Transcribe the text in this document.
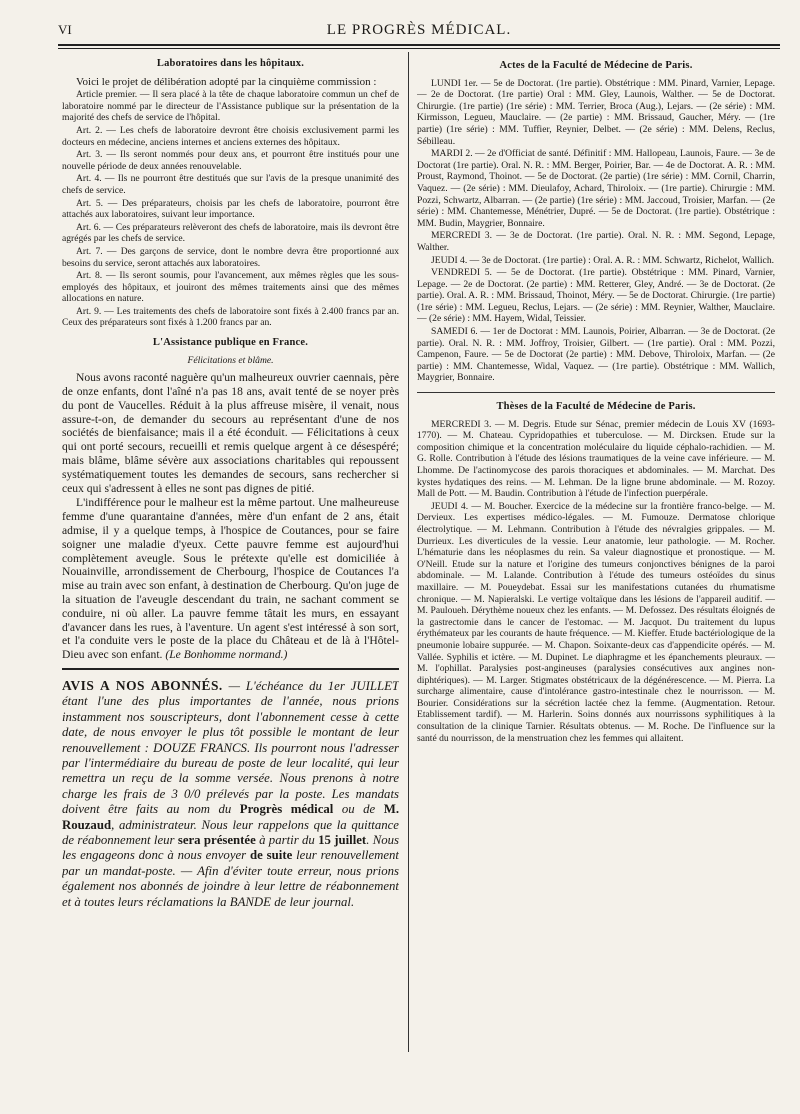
VI	LE PROGRÈS MÉDICAL.
Laboratoires dans les hôpitaux.

Voici le projet de délibération adopté par la cinquième commission :

Article premier. — Il sera placé à la tête de chaque laboratoire commun un chef de laboratoire nommé par le directeur de l'Assistance publique sur la présentation de la majorité des chefs de service de l'hôpital.

Art. 2. — Les chefs de laboratoire devront être choisis exclusivement parmi les docteurs en médecine, anciens internes et anciens externes des hôpitaux.

Art. 3. — Ils seront nommés pour deux ans, et pourront être institués pour une nouvelle période de deux années renouvelable.

Art. 4. — Ils ne pourront être destitués que sur l'avis de la presque unanimité des chefs de service.

Art. 5. — Des préparateurs, choisis par les chefs de laboratoire, pourront être attachés aux laboratoires, suivant leur importance.

Art. 6. — Ces préparateurs relèveront des chefs de laboratoire, mais ils devront être agrégés par les chefs de service.

Art. 7. — Des garçons de service, dont le nombre devra être proportionné aux besoins du service, seront attachés aux laboratoires.

Art. 8. — Ils seront soumis, pour l'avancement, aux mêmes règles que les sous-employés des hôpitaux, et jouiront des mêmes traitements ainsi que des mêmes allocations en nature.

Art. 9. — Les traitements des chefs de laboratoire sont fixés à 2.400 francs par an. Ceux des préparateurs sont fixés à 1.200 francs par an.

L'Assistance publique en France.

Félicitations et blâme.

Nous avons raconté naguère qu'un malheureux ouvrier caennais, père de onze enfants, dont l'aîné n'a pas 18 ans, avait tenté de se noyer près du pont de Vaucelles. Réduit à la plus affreuse misère, il venait, nous assure-t-on, de demander du secours au représentant d'une de nos sociétés de bienfaisance; mais il a été éconduit. — Félicitations à ceux qui ont porté secours, recueilli et remis quelque argent à ce désespéré; mais blâme, blâme sévère aux associations charitables qui repoussent systématiquement toutes les demandes de secours, sans rechercher si ceux qui s'adressent à elles ne sont pas dignes de pitié.

L'indifférence pour le malheur est la même partout. Une malheureuse femme d'une quarantaine d'années, mère d'un enfant de 2 ans, était admise, il y a quelque temps, à l'hospice de Coutances, pour se faire soigner une maladie d'yeux. Cette pauvre femme est aujourd'hui complètement aveugle. Sous le prétexte qu'elle est domiciliée à Nouainville, arrondissement de Cherbourg, l'hospice de Coutances l'a mise au train avec son enfant, à destination de Cherbourg. Qu'on juge de la situation de l'aveugle descendant du train, ne sachant comment se conduire, ni où aller. La pauvre femme tâtait les murs, en essayant d'avancer dans les rues, à l'aventure. Un agent s'est intéressé à son sort, et l'a conduite vers le poste de la place du Château et de là à l'Hôtel-Dieu avec son enfant. (Le Bonhomme normand.)

AVIS A NOS ABONNÉS. — L'échéance du 1er JUILLET étant l'une des plus importantes de l'année, nous prions instamment nos souscripteurs, dont l'abonnement cesse à cette date, de nous envoyer le plus tôt possible le montant de leur renouvellement : DOUZE FRANCS. Ils pourront nous l'adresser par l'intermédiaire du bureau de poste de leur localité, qui leur remettra un reçu de la somme versée. Nous prenons à notre charge les frais de 3 0/0 prélevés par la poste. Les mandats doivent être faits au nom du Progrès médical ou de M. Rouzaud, administrateur. Nous leur rappelons que la quittance de réabonnement leur sera présentée à partir du 15 juillet. Nous les engageons donc à nous envoyer de suite leur renouvellement par un mandat-poste. — Afin d'éviter toute erreur, nous prions également nos abonnés de joindre à leur lettre de réabonnement et à toutes leurs réclamations la BANDE de leur journal.

Actes de la Faculté de Médecine de Paris.

LUNDI 1er. — 5e de Doctorat. (1re partie). Obstétrique : MM. Pinard, Varnier, Lepage. — 2e de Doctorat. (1re partie) Oral : MM. Gley, Launois, Walther. — 5e de Doctorat. Chirurgie. (1re partie) (1re série) : MM. Terrier, Broca (Aug.), Lejars. — (2e série) : MM. Kirmisson, Legueu, Mauclaire. — (2e partie) : MM. Brissaud, Gaucher, Méry. — (1re partie) (1re série) : MM. Tuffier, Reynier, Delbet. — (2e série) : MM. Delens, Reclus, Sébilleau.

MARDI 2. — 2e d'Officiat de santé. Définitif : MM. Hallopeau, Launois, Faure. — 3e de Doctorat (1re partie). Oral. N. R. : MM. Berger, Poirier, Bar. — 4e de Doctorat. A. R. : MM. Proust, Raymond, Thoinot. — 5e de Doctorat. (2e partie) (1re série) : MM. Cornil, Charrin, Vaquez. — (2e série) : MM. Dieulafoy, Achard, Thiroloix. — (1re partie). Chirurgie : MM. Pozzi, Schwartz, Albarran. — (2e partie) (1re série) : MM. Jaccoud, Troisier, Marfan. — (2e série) : MM. Chantemesse, Ménétrier, Dupré. — 5e de Doctorat. (1re partie). Obstétrique : MM. Budin, Maygrier, Bonnaire.

MERCREDI 3. — 3e de Doctorat. (1re partie). Oral. N. R. : MM. Segond, Lepage, Walther.

JEUDI 4. — 3e de Doctorat. (1re partie) : Oral. A. R. : MM. Schwartz, Richelot, Wallich.

VENDREDI 5. — 5e de Doctorat. (1re partie). Obstétrique : MM. Pinard, Varnier, Lepage. — 2e de Doctorat. (2e partie) : MM. Retterer, Gley, André. — 3e de Doctorat. (2e partie). Oral. A. R. : MM. Brissaud, Thoinot, Méry. — 5e de Doctorat. Chirurgie. (1re partie) (1re série) : MM. Legueu, Reclus, Lejars. — (2e série) : MM. Reynier, Walther, Mauclaire. — (2e série) : MM. Hayem, Widal, Teissier.

SAMEDI 6. — 1er de Doctorat : MM. Launois, Poirier, Albarran. — 3e de Doctorat. (2e partie). Oral. N. R. : MM. Joffroy, Troisier, Gilbert. — (1re partie). Oral : MM. Pozzi, Campenon, Faure. — 5e de Doctorat (2e partie) : MM. Debove, Thiroloix, Marfan. — (2e partie) : MM. Chantemesse, Widal, Vaquez. — (1re partie). Obstétrique : MM. Wallich, Maygrier, Bonnaire.

Thèses de la Faculté de Médecine de Paris.

MERCREDI 3. — M. Degris. Etude sur Sénac, premier médecin de Louis XV (1693-1770). — M. Chateau. Cypridopathies et tuberculose. — M. Dircksen. Etude sur la composition chimique et la concentration moléculaire du liquide céphalo-rachidien. — M. G. Rolle. Contribution à l'étude des lésions traumatiques de la veine cave inférieure. — M. Lhomme. De l'actinomycose des parois thoraciques et abdominales. — M. Marchat. Des kystes hydatiques des reins. — M. Lehman. De la ligne brune abdominale. — M. Rozoy. Mall de Pott. — M. Baudin. Contribution à l'étude de l'infection puerpérale.

JEUDI 4. — M. Boucher. Exercice de la médecine sur la frontière franco-belge. — M. Dervieux. Les expertises médico-légales. — M. Fumouze. Dermatose chlorique électrolytique. — M. Lehmann. Contribution à l'étude des névralgies grippales. — M. Durrieux. Les diverticules de la vessie. Leur anatomie, leur pathologie. — M. Rocher. L'hématurie dans les néoplasmes du rein. Sa valeur diagnostique et pronostique. — M. O'Neill. Etude sur la nature et l'origine des tumeurs conjonctives bénignes de la paroi abdominale. — M. Lalande. Contribution à l'étude des tumeurs ostéoïdes du sinus maxillaire. — M. Poueydebat. Essai sur les manifestations cutanées du rhumatisme chronique. — M. Napieralski. Le vertige voltaïque dans les lésions de l'appareil auditif. — M. Pauloueh. Dérythème noueux chez les enfants. — M. Defossez. Des résultats éloignés de la gastrectomie dans le cancer de l'estomac. — M. Jacquot. Du traitement du lupus érythémateux par les courants de haute fréquence. — M. Kieffer. Etude bactériologique de la pneumonie lobaire suppurée. — M. Chapon. Soixante-deux cas d'appendicite opérés. — M. Vallée. Syphilis et ictère. — M. Dupinet. Le diaphragme et les épanchements pleuraux. — M. l'ophillat. Paralysies post-angineuses (paralysies consécutives aux angines non-diphtériques). — M. Larger. Stigmates obstétricaux de la dégénérescence. — M. Pierra. La surcharge alimentaire, cause d'intolérance gastro-intestinale chez le nourrisson. — M. Bourier. Considérations sur la sécrétion lactée chez la femme. (Augmentation. Retour. Etablissement tardif). — M. Harlerin. Soins donnés aux nourrissons syphilitiques à la consultation de la clinique Tarnier. Résultats obtenus. — M. Roche. De l'influence sur la santé du nourrisson, de la menstruation chez les femmes qui allaitent.
